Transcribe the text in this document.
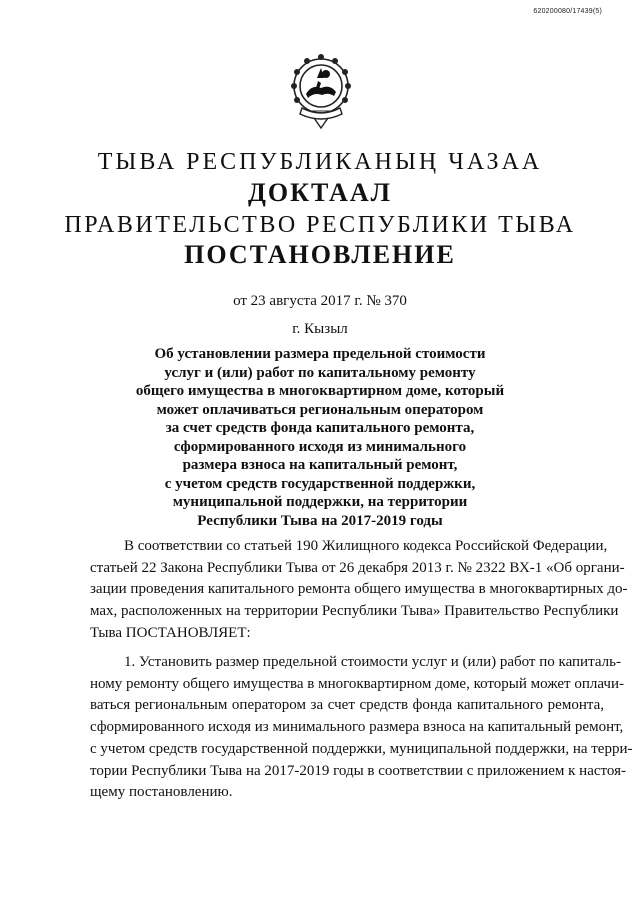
620200080/17439(5)
ТЫВА РЕСПУБЛИКАНЫҢ ЧАЗАА
ДОКТААЛ
ПРАВИТЕЛЬСТВО РЕСПУБЛИКИ ТЫВА
ПОСТАНОВЛЕНИЕ
от 23 августа 2017 г. № 370
г. Кызыл
Об установлении размера предельной стоимости
услуг и (или) работ по капитальному ремонту
общего имущества в многоквартирном доме, который
может оплачиваться региональным оператором
за счет средств фонда капитального ремонта,
сформированного исходя из минимального
размера взноса на капитальный ремонт,
с учетом средств государственной поддержки,
муниципальной поддержки, на территории
Республики Тыва на 2017-2019 годы
В соответствии со статьей 190 Жилищного кодекса Российской Федерации,
статьей 22 Закона Республики Тыва от 26 декабря 2013 г. № 2322 ВХ-1 «Об органи-
зации проведения капитального ремонта общего имущества в многоквартирных до-
мах, расположенных на территории Республики Тыва» Правительство Республики
Тыва ПОСТАНОВЛЯЕТ:
1. Установить размер предельной стоимости услуг и (или) работ по капиталь-
ному ремонту общего имущества в многоквартирном доме, который может оплачи-
ваться региональным оператором за счет средств фонда капитального ремонта,
сформированного исходя из минимального размера взноса на капитальный ремонт,
с учетом средств государственной поддержки, муниципальной поддержки, на терри-
тории Республики Тыва на 2017-2019 годы в соответствии с приложением к настоя-
щему постановлению.
